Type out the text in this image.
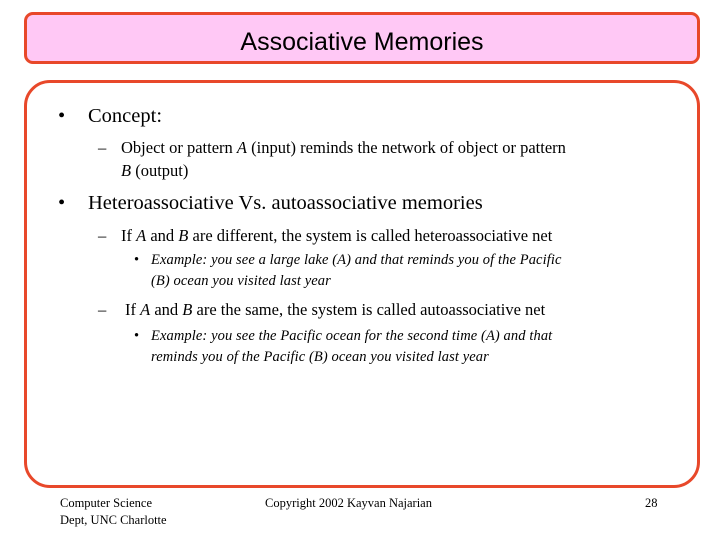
Associative Memories
• Concept:
– Object or pattern A (input) reminds the network of object or pattern
B (output)
• Heteroassociative Vs. autoassociative memories
– If A and B are different, the system is called heteroassociative net
• Example: you see a large lake (A) and that reminds you of the Pacific
(B) ocean you visited last year
– If A and B are the same, the system is called autoassociative net
• Example: you see the Pacific ocean for the second time (A) and that
reminds you of the Pacific (B) ocean you visited last year
Computer Science
Dept, UNC Charlotte
Copyright 2002 Kayvan Najarian	28
